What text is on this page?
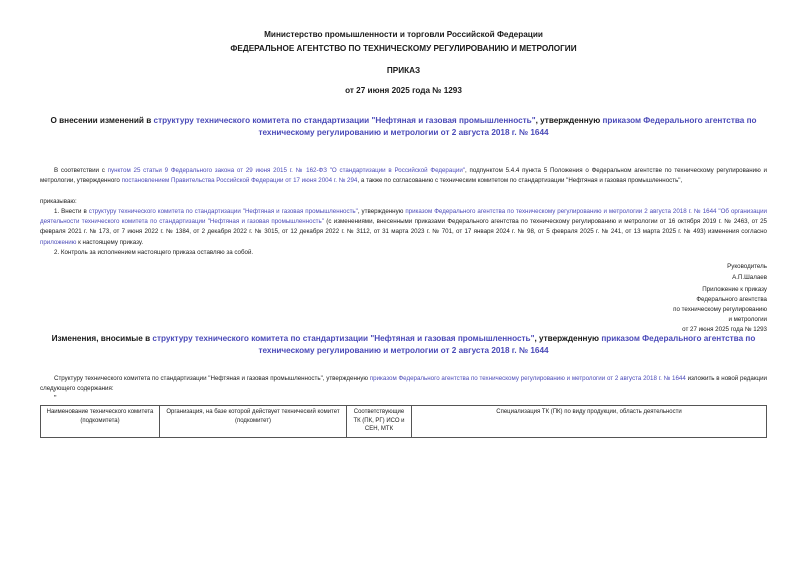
Министерство промышленности и торговли Российской Федерации
ФЕДЕРАЛЬНОЕ АГЕНТСТВО ПО ТЕХНИЧЕСКОМУ РЕГУЛИРОВАНИЮ И МЕТРОЛОГИИ
ПРИКАЗ
от 27 июня 2025 года № 1293
О внесении изменений в структуру технического комитета по стандартизации "Нефтяная и газовая промышленность", утвержденную приказом Федерального агентства по техническому регулированию и метрологии от 2 августа 2018 г. № 1644
В соответствии с пунктом 25 статьи 9 Федерального закона от 29 июня 2015 г. № 162-ФЗ "О стандартизации в Российской Федерации", подпунктом 5.4.4 пункта 5 Положения о Федеральном агентстве по техническому регулированию и метрологии, утвержденного постановлением Правительства Российской Федерации от 17 июня 2004 г. № 294, а также по согласованию с техническим комитетом по стандартизации "Нефтяная и газовая промышленность",
приказываю:
1. Внести в структуру технического комитета по стандартизации "Нефтяная и газовая промышленность", утвержденную приказом Федерального агентства по техническому регулированию и метрологии 2 августа 2018 г. № 1644 "Об организации деятельности технического комитета по стандартизации "Нефтяная и газовая промышленность" (с изменениями, внесенными приказами Федерального агентства по техническому регулированию и метрологии от 16 октября 2019 г. № 2463, от 25 февраля 2021 г. № 173, от 7 июня 2022 г. № 1384, от 2 декабря 2022 г. № 3015, от 12 декабря 2022 г. № 3112, от 31 марта 2023 г. № 701, от 17 января 2024 г. № 98, от 5 февраля 2025 г. № 241, от 13 марта 2025 г. № 493) изменения согласно приложению к настоящему приказу.
2. Контроль за исполнением настоящего приказа оставляю за собой.
Руководитель
А.П.Шалаев
Приложение к приказу
Федерального агентства
по техническому регулированию
и метрологии
от 27 июня 2025 года № 1293
Изменения, вносимые в структуру технического комитета по стандартизации "Нефтяная и газовая промышленность", утвержденную приказом Федерального агентства по техническому регулированию и метрологии от 2 августа 2018 г. № 1644
Структуру технического комитета по стандартизации "Нефтяная и газовая промышленность", утвержденную приказом Федерального агентства по техническому регулированию и метрологии от 2 августа 2018 г. № 1644 изложить в новой редакции следующего содержания:
"
Наименование технического комитета (подкомитета)	Организация, на базе которой действует технический комитет (подкомитет)	Соответствующие ТК (ПК, РГ) ИСО и СЕН, МТК	Специализация ТК (ПК) по виду продукции, область деятельности
